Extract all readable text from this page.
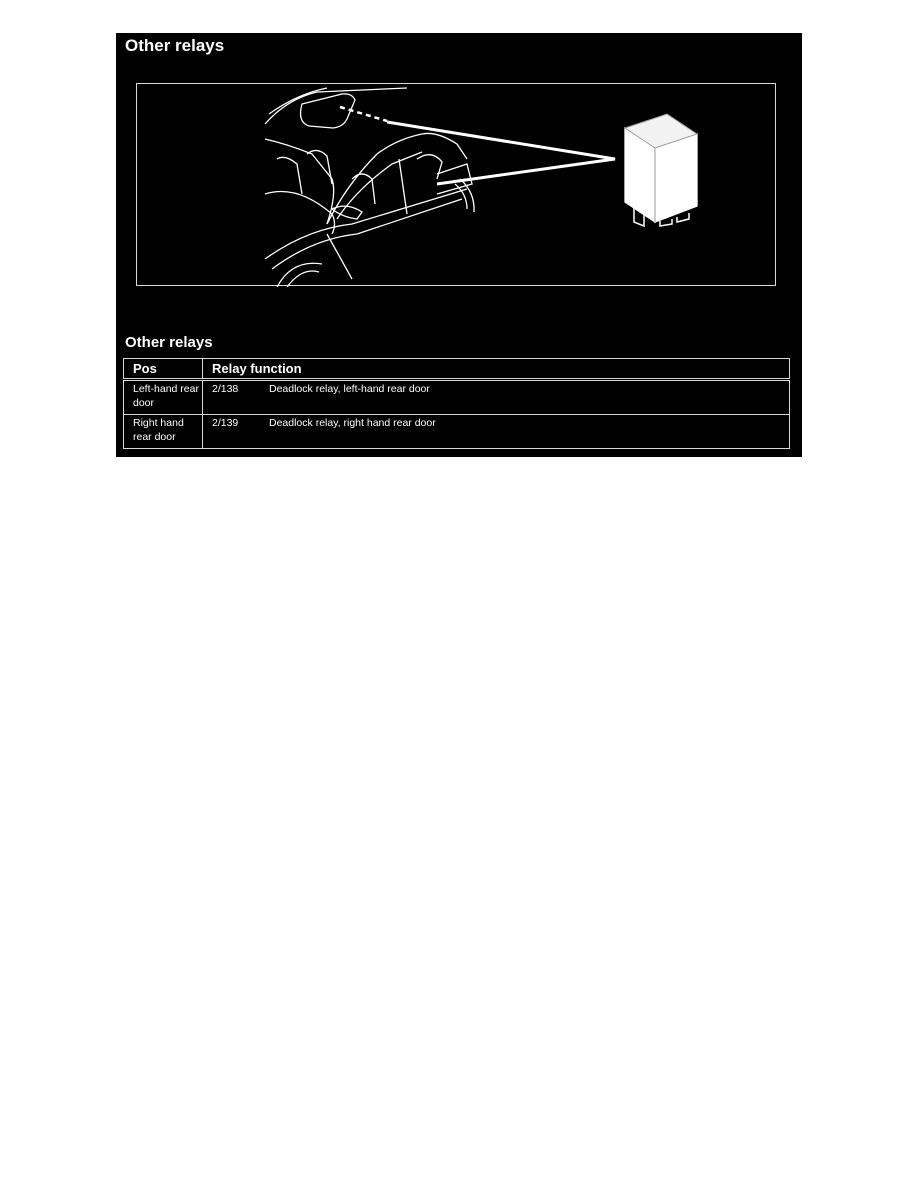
Other relays
Other relays
Pos	Relay function
Left-hand rear door	2/138 Deadlock relay, left-hand rear door
Right hand rear door	2/139 Deadlock relay, right hand rear door
